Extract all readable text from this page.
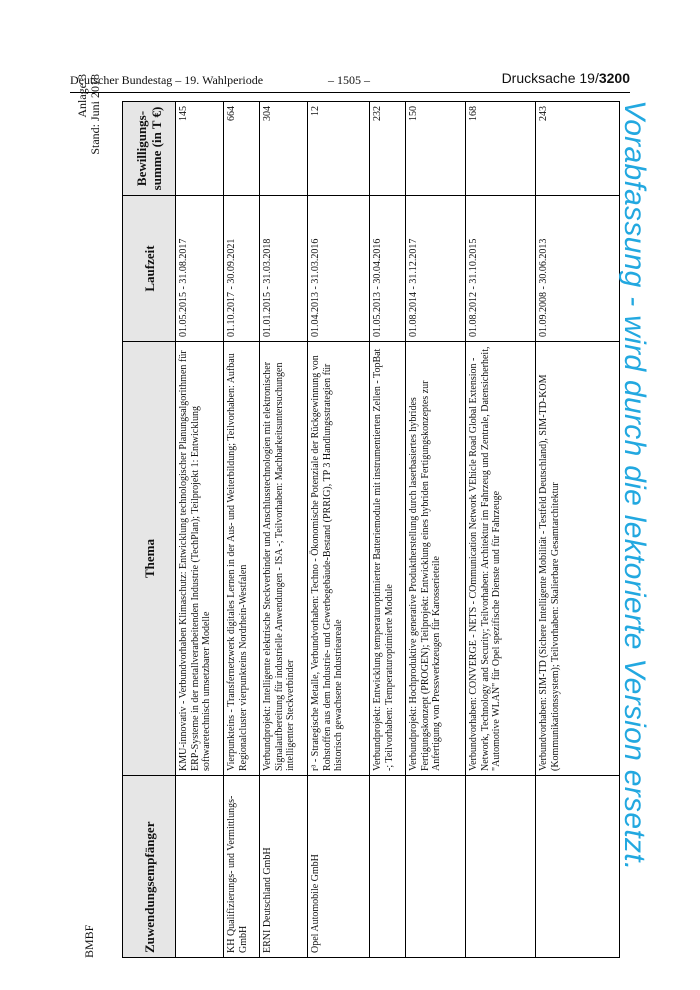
Deutscher Bundestag – 19. Wahlperiode	– 1505 –	Drucksache 19/3200
BMBF
Anlage 3 Stand: Juni 2018
Zuwendungsempfänger	Thema	Laufzeit	Bewilligungs-summe (in T €)
	KMU-innovativ - Verbundvorhaben Klimaschutz: Entwicklung technologischer Planungsalgorithmen für ERP-Systeme in der metallverarbeitenden Industrie (TechPlan); Teilprojekt 1: Entwicklung softwaretechnisch umsetzbarer Modelle	01.05.2015 - 31.08.2017	145
KH Qualifizierungs- und Vermittlungs-GmbH	Vierpunkteins - Transfernetzwerk digitales Lernen in der Aus- und Weiterbildung; Teilvorhaben: Aufbau Regionalcluster vierpunkteins Nordrhein-Westfalen	01.10.2017 - 30.09.2021	664
ERNI Deutschland GmbH	Verbundprojekt: Intelligente elektrische Steckverbinder und Anschlusstechnologien mit elektronischer Signalaufbereitung für industrielle Anwendungen - ISA -; Teilvorhaben: Machbarkeitsuntersuchungen intelligenter Steckverbinder	01.01.2015 - 31.03.2018	304
Opel Automobile GmbH	r³ - Strategische Metalle, Verbundvorhaben: Techno - Ökonomische Potenziale der Rückgewinnung von Rohstoffen aus dem Industrie- und Gewerbegebäude-Bestand (PRRIG), TP 3 Handlungsstrategien für historisch gewachsene Industrieareale	01.04.2013 - 31.03.2016	12
	Verbundprojekt: Entwicklung temperaturoptimierter Batteriemodule mit instrumentierten Zellen - TopBat -; Teilvorhaben: Temperaturoptimierte Module	01.05.2013 - 30.04.2016	232
	Verbundprojekt: Hochproduktive generative Produktherstellung durch laserbasiertes hybrides Fertigungskonzept (PROGEN); Teilprojekt: Entwicklung eines hybriden Fertigungskonzeptes zur Anfertigung von Presswerkzeugen für Karosserieteile	01.08.2014 - 31.12.2017	150
	Verbundvorhaben: CONVERGE - NETS - COmmunication Network VEhicle Road Global Extension - Network, Technology and Security; Teilvorhaben: Architektur im Fahrzeug und Zentrale, Datensicherheit, "Automotive WLAN" für Opel spezifische Dienste und für Fahrzeuge	01.08.2012 - 31.10.2015	168
	Verbundvorhaben: SIM-TD (Sichere Intelligente Mobilität - Testfeld Deutschland), SIM-TD-KOM (Kommunikationssystem); Teilvorhaben: Skalierbare Gesamtarchitektur	01.09.2008 - 30.06.2013	243 Vorabfassung - wird durch die lektorierte Version ersetzt.
